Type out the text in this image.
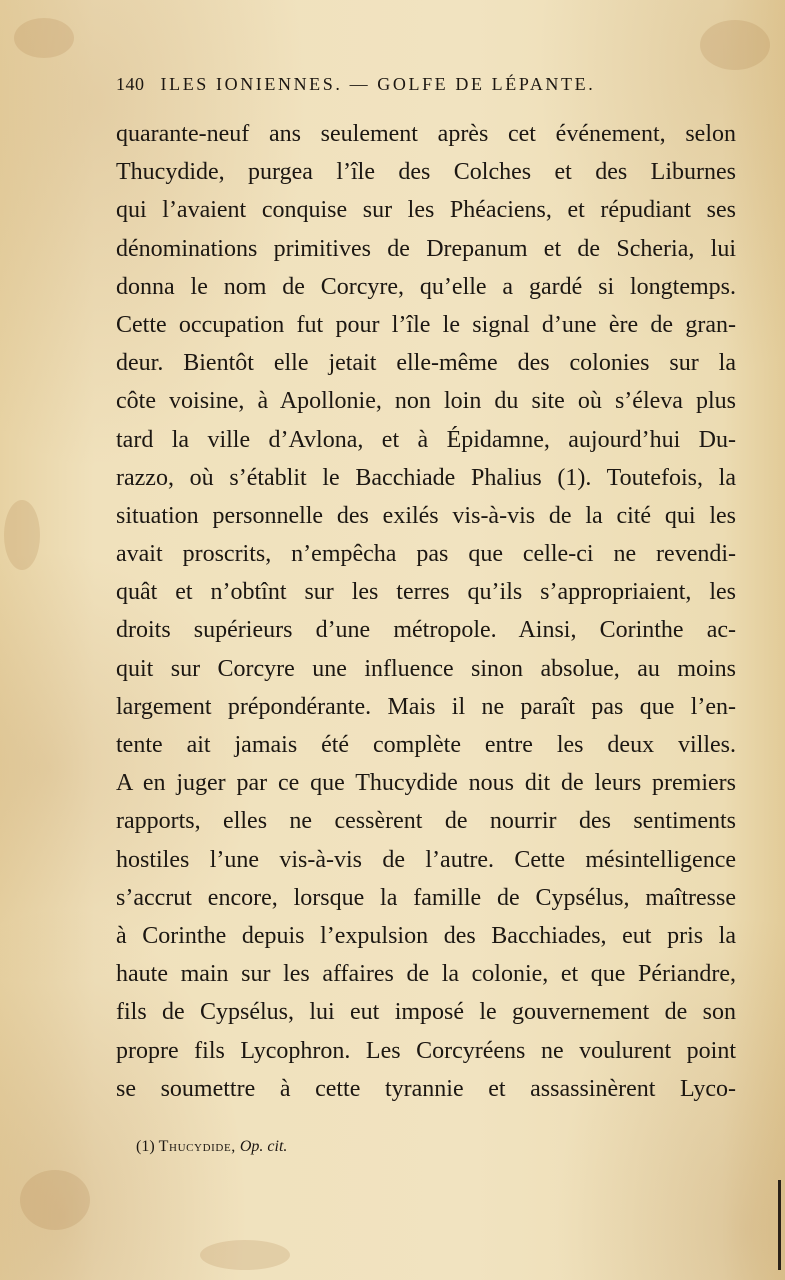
140 ILES IONIENNES. — GOLFE DE LÉPANTE.
quarante-neuf ans seulement après cet événement, selon
Thucydide, purgea l’île des Colches et des Liburnes
qui l’avaient conquise sur les Phéaciens, et répudiant ses
dénominations primitives de Drepanum et de Scheria, lui
donna le nom de Corcyre, qu’elle a gardé si longtemps.
Cette occupation fut pour l’île le signal d’une ère de gran-
deur. Bientôt elle jetait elle-même des colonies sur la
côte voisine, à Apollonie, non loin du site où s’éleva plus
tard la ville d’Avlona, et à Épidamne, aujourd’hui Du-
razzo, où s’établit le Bacchiade Phalius (1). Toutefois, la
situation personnelle des exilés vis-à-vis de la cité qui les
avait proscrits, n’empêcha pas que celle-ci ne revendi-
quât et n’obtînt sur les terres qu’ils s’appropriaient, les
droits supérieurs d’une métropole. Ainsi, Corinthe ac-
quit sur Corcyre une influence sinon absolue, au moins
largement prépondérante. Mais il ne paraît pas que l’en-
tente ait jamais été complète entre les deux villes.
A en juger par ce que Thucydide nous dit de leurs premiers
rapports, elles ne cessèrent de nourrir des sentiments
hostiles l’une vis-à-vis de l’autre. Cette mésintelligence
s’accrut encore, lorsque la famille de Cypsélus, maîtresse
à Corinthe depuis l’expulsion des Bacchiades, eut pris la
haute main sur les affaires de la colonie, et que Périandre,
fils de Cypsélus, lui eut imposé le gouvernement de son
propre fils Lycophron. Les Corcyréens ne voulurent point
se soumettre à cette tyrannie et assassinèrent Lyco-
(1) Thucydide, Op. cit.
